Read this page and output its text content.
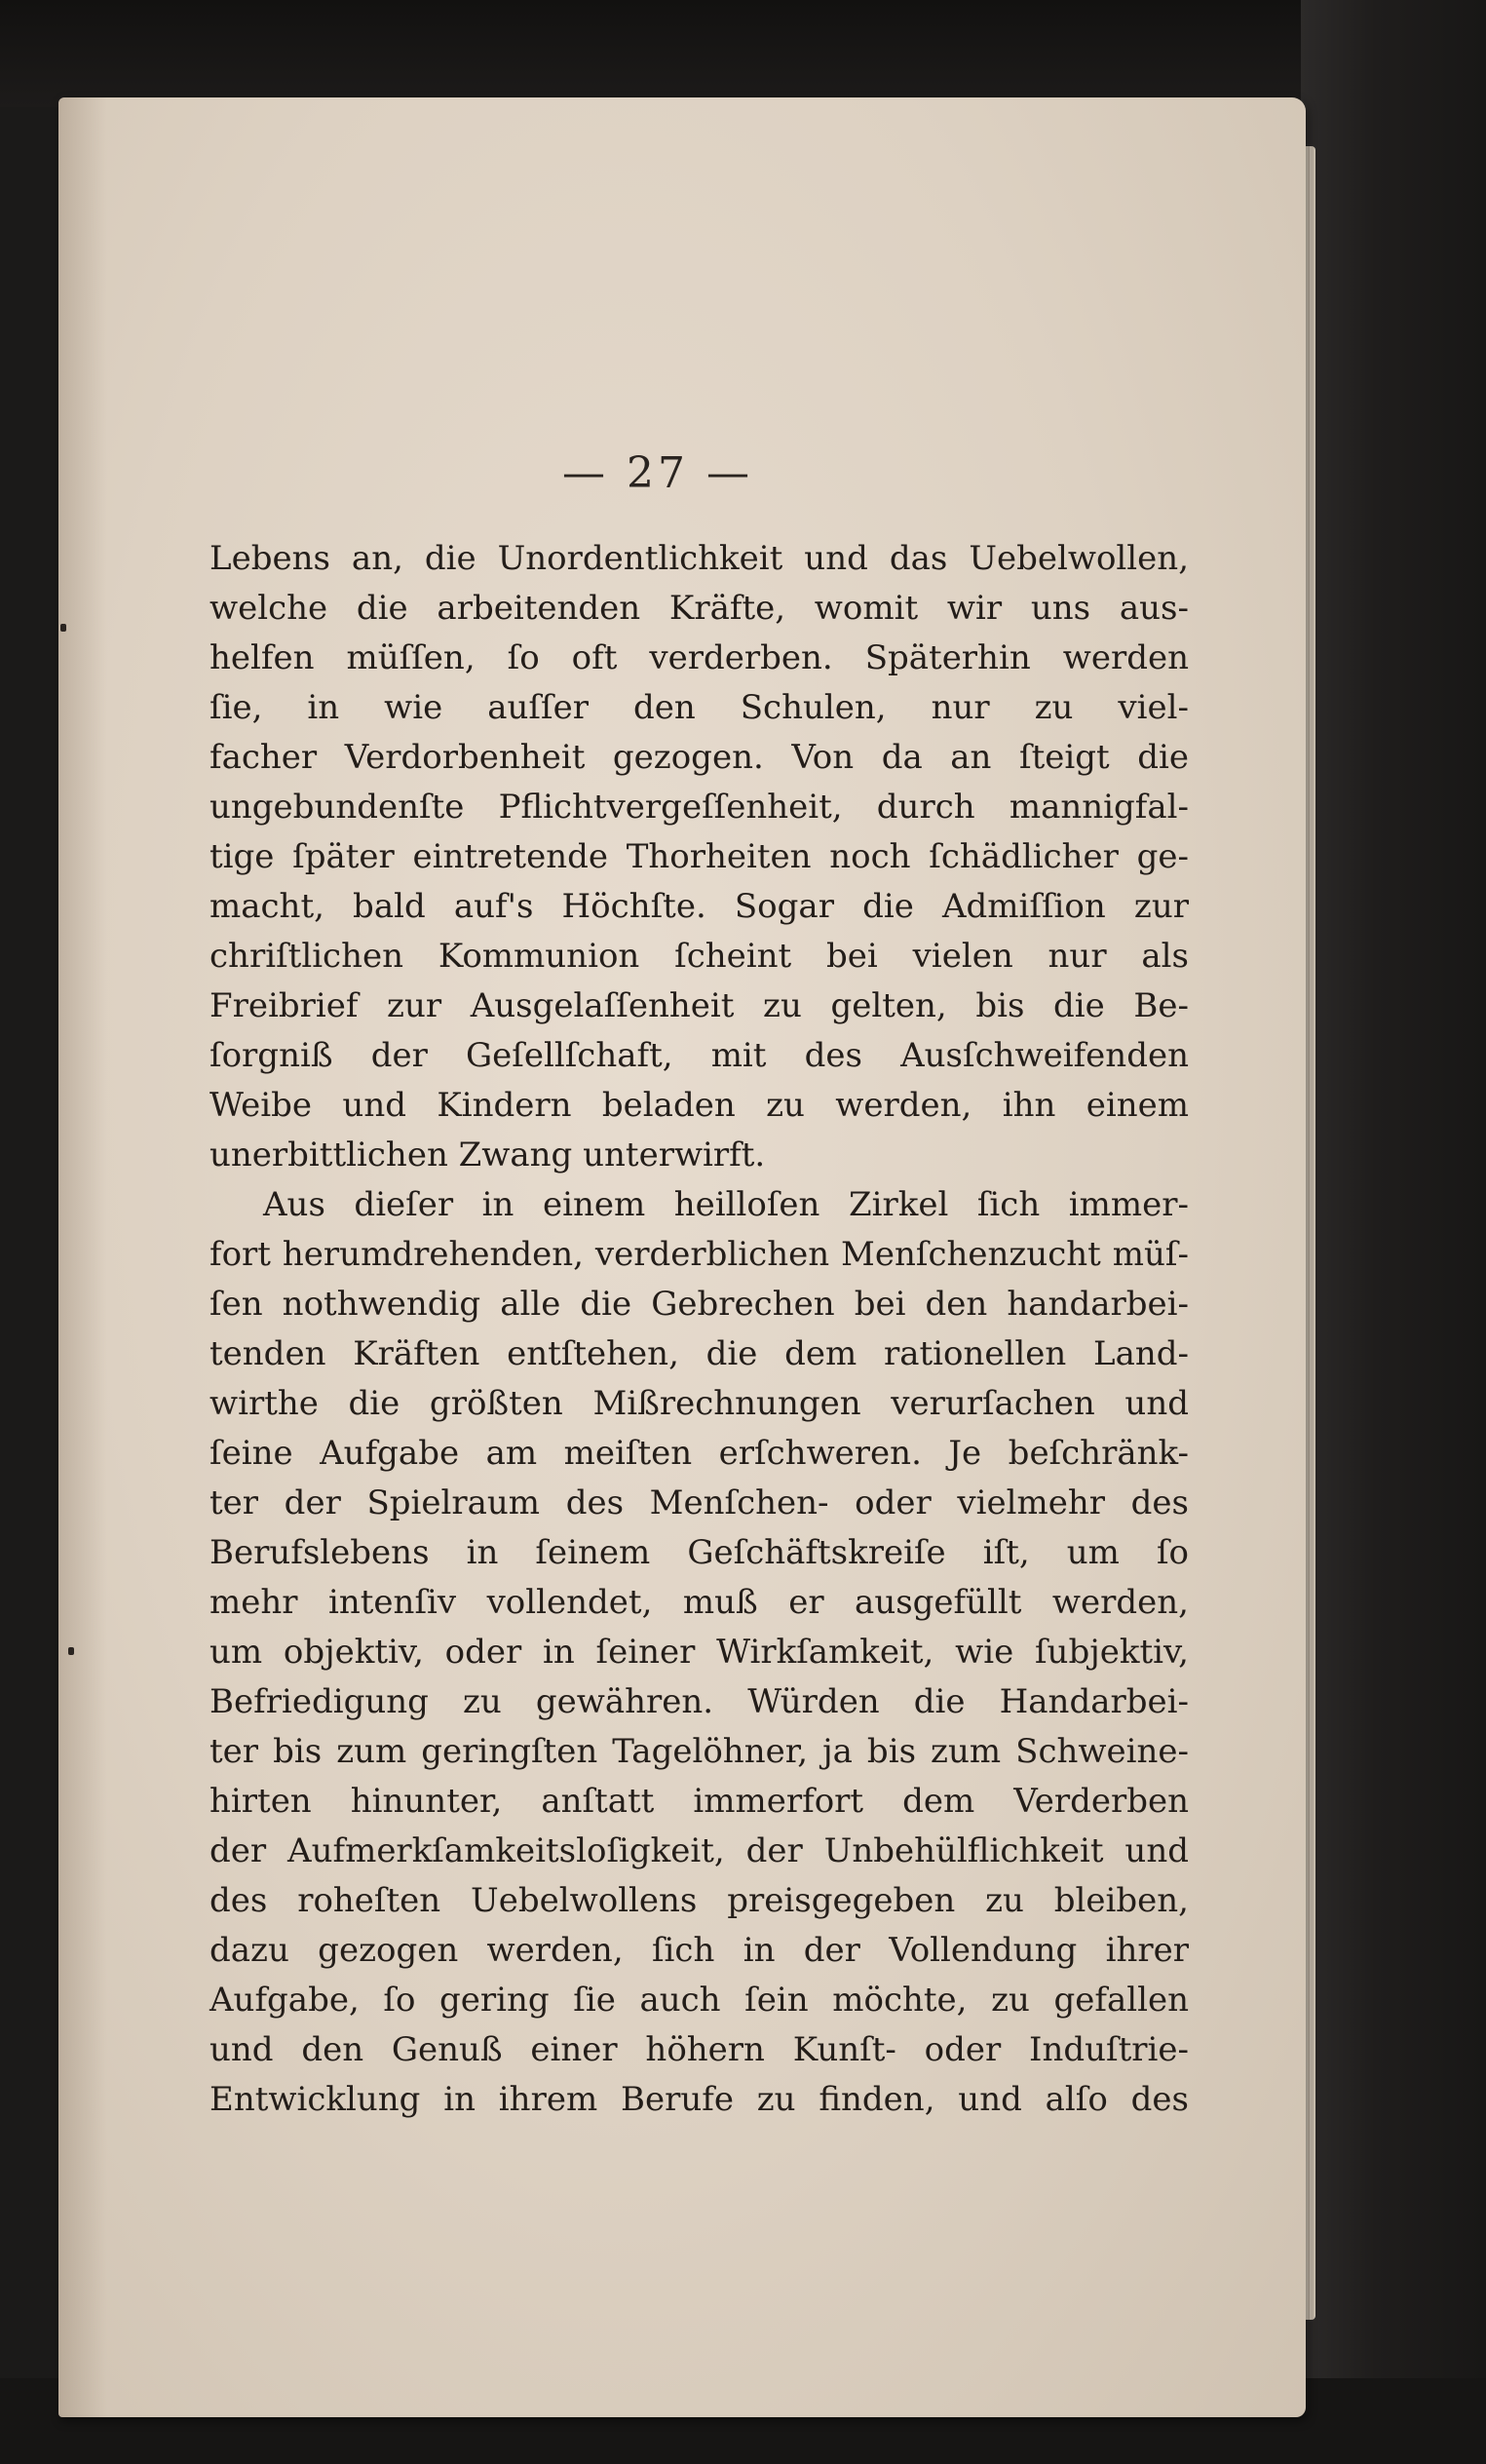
— 27 —
Lebens an, die Unordentlichkeit und das Uebelwollen,
welche die arbeitenden Kräfte, womit wir uns aus-
helfen müſſen, ſo oft verderben. Späterhin werden
ſie, in wie auſſer den Schulen, nur zu viel-
facher Verdorbenheit gezogen. Von da an ſteigt die
ungebundenſte Pflichtvergeſſenheit, durch mannigfal-
tige ſpäter eintretende Thorheiten noch ſchädlicher ge-
macht, bald auf's Höchſte. Sogar die Admiſſion zur
chriſtlichen Kommunion ſcheint bei vielen nur als
Freibrief zur Ausgelaſſenheit zu gelten, bis die Be-
ſorgniß der Geſellſchaft, mit des Ausſchweifenden
Weibe und Kindern beladen zu werden, ihn einem
unerbittlichen Zwang unterwirft.
Aus dieſer in einem heilloſen Zirkel ſich immer-
fort herumdrehenden, verderblichen Menſchenzucht müſ-
ſen nothwendig alle die Gebrechen bei den handarbei-
tenden Kräften entſtehen, die dem rationellen Land-
wirthe die größten Mißrechnungen verurſachen und
ſeine Aufgabe am meiſten erſchweren. Je beſchränk-
ter der Spielraum des Menſchen- oder vielmehr des
Berufslebens in ſeinem Geſchäftskreiſe iſt, um ſo
mehr intenſiv vollendet, muß er ausgefüllt werden,
um objektiv, oder in ſeiner Wirkſamkeit, wie ſubjektiv,
Befriedigung zu gewähren. Würden die Handarbei-
ter bis zum geringſten Tagelöhner, ja bis zum Schweine-
hirten hinunter, anſtatt immerfort dem Verderben
der Aufmerkſamkeitsloſigkeit, der Unbehülflichkeit und
des roheſten Uebelwollens preisgegeben zu bleiben,
dazu gezogen werden, ſich in der Vollendung ihrer
Aufgabe, ſo gering ſie auch ſein möchte, zu gefallen
und den Genuß einer höhern Kunſt- oder Induſtrie-
Entwicklung in ihrem Berufe zu finden, und alſo des
